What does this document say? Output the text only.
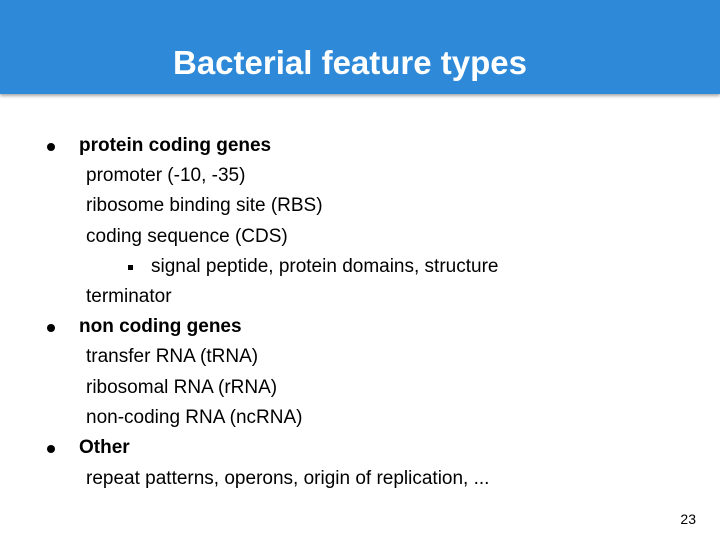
Bacterial feature types
protein coding genes
promoter (-10, -35)
ribosome binding site (RBS)
coding sequence (CDS)
signal peptide, protein domains, structure
terminator
non coding genes
transfer RNA (tRNA)
ribosomal RNA (rRNA)
non-coding RNA (ncRNA)
Other
repeat patterns, operons, origin of replication, ...
23
